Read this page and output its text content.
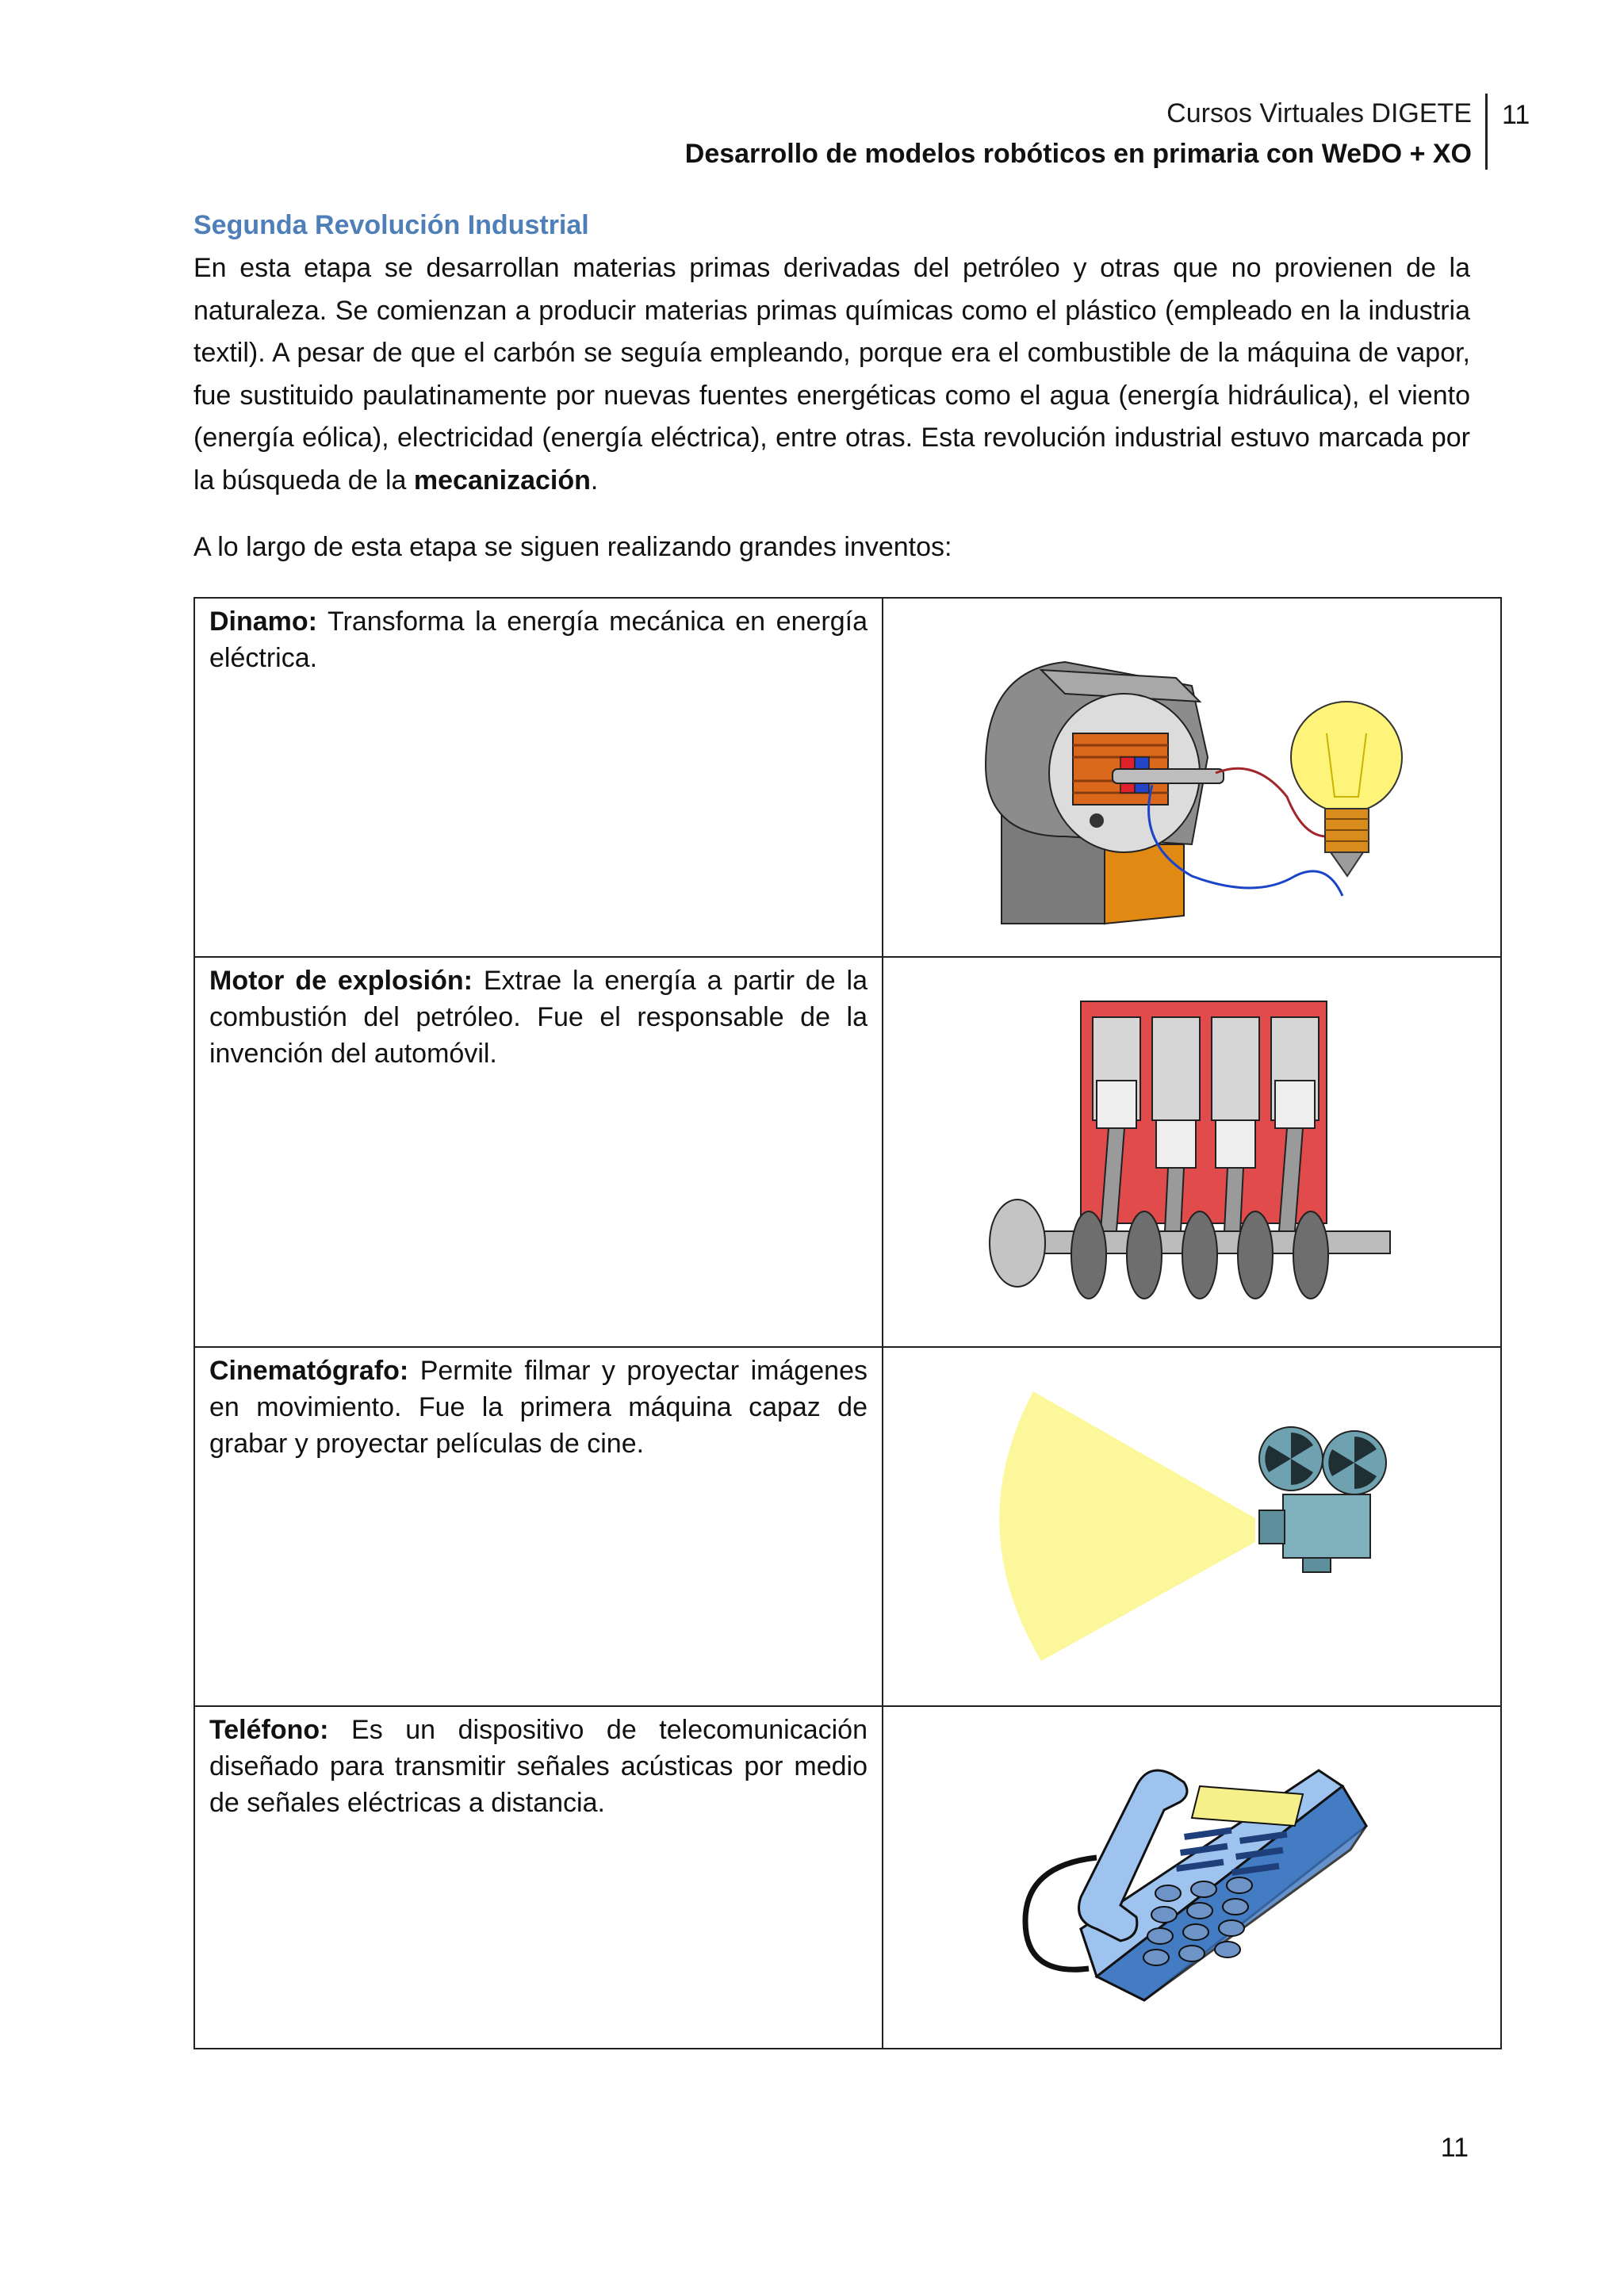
Cursos Virtuales DIGETE
Desarrollo de modelos robóticos en primaria con WeDO + XO
11
Segunda Revolución Industrial

En esta etapa se desarrollan materias primas derivadas del petróleo y otras que no provienen de la naturaleza. Se comienzan a producir materias primas químicas como el plástico (empleado en la industria textil). A pesar de que el carbón se seguía empleando, porque era el combustible de la máquina de vapor, fue sustituido paulatinamente por nuevas fuentes energéticas como el agua (energía hidráulica), el viento (energía eólica), electricidad (energía eléctrica), entre otras. Esta revolución industrial estuvo marcada por la búsqueda de la mecanización.

A lo largo de esta etapa se siguen realizando grandes inventos:

Dinamo: Transforma la energía mecánica en energía eléctrica.	

Motor de explosión: Extrae la energía a partir de la combustión del petróleo. Fue el responsable de la invención del automóvil.	

Cinematógrafo: Permite filmar y proyectar imágenes en movimiento. Fue la primera máquina capaz de grabar y proyectar películas de cine.	

Teléfono: Es un dispositivo de telecomunicación diseñado para transmitir señales acústicas por medio de señales eléctricas a distancia.	
11
